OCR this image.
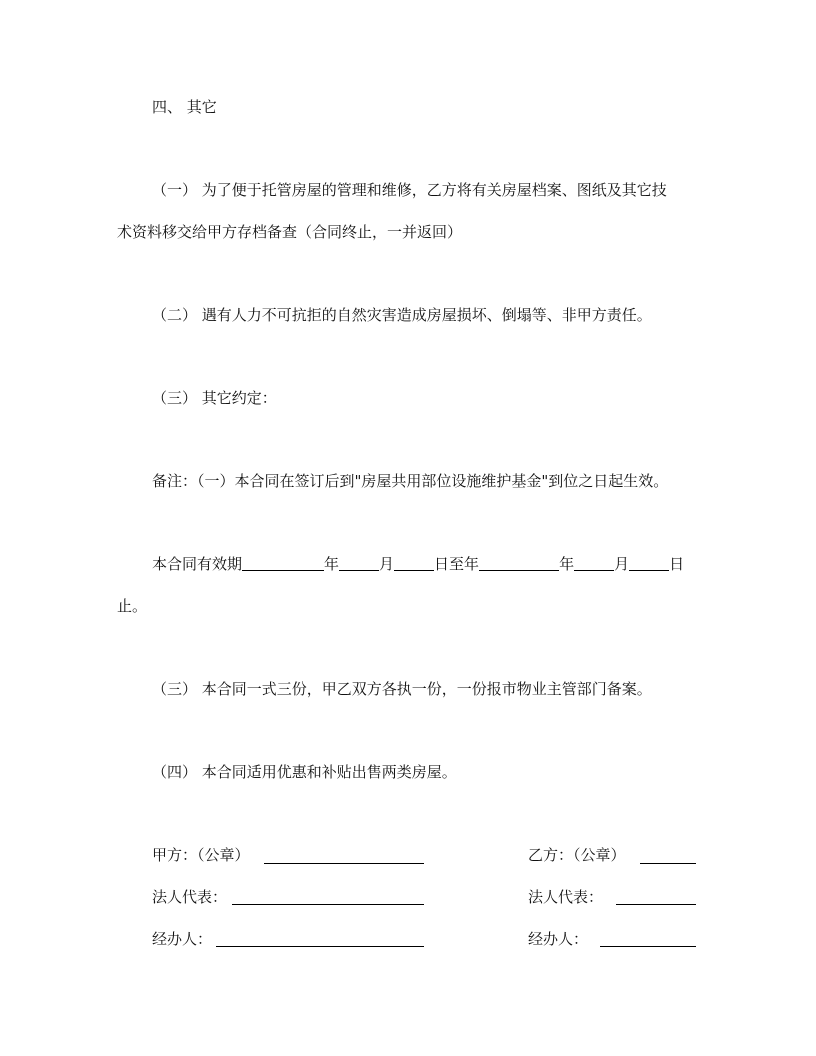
四、 其它
（一） 为了便于托管房屋的管理和维修，乙方将有关房屋档案、图纸及其它技
术资料移交给甲方存档备查（合同终止，一并返回）
（二） 遇有人力不可抗拒的自然灾害造成房屋损坏、倒塌等、非甲方责任。
（三） 其它约定：
备注：（一）本合同在签订后到"房屋共用部位设施维护基金"到位之日起生效。
本合同有效期	年	月	日至年	年	月	日
止。
（三） 本合同一式三份，甲乙双方各执一份，一份报市物业主管部门备案。
（四） 本合同适用优惠和补贴出售两类房屋。
甲方：（公章）	乙方：（公章）
法人代表：	法人代表：
经办人：	经办人：
